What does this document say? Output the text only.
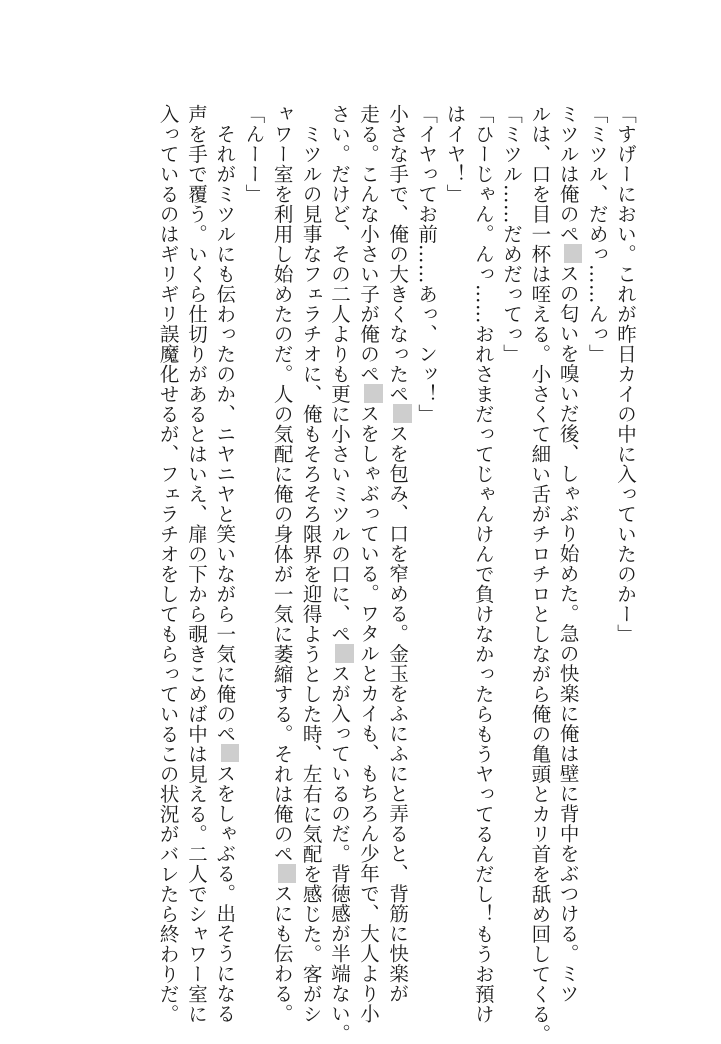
「すげーにおい。これが昨日カイの中に入っていたのかー」
「ミツル、だめっ……んっ」
ミツルは俺のペスの匂いを嗅いだ後、しゃぶり始めた。急の快楽に俺は壁に背中をぶつける。ミツ
ルは、口を目一杯は咥える。小さくて細い舌がチロチロとしながら俺の亀頭とカリ首を舐め回してくる。
「ミツル……だめだってっ」
「ひーじゃん。んっ……おれさまだってじゃんけんで負けなかったらもうヤってるんだし！もうお預け
はイヤ！」
「イヤってお前……あっ、ンッ！」
小さな手で、俺の大きくなったペスを包み、口を窄める。金玉をふにふにと弄ると、背筋に快楽が
走る。こんな小さい子が俺のペスをしゃぶっている。ワタルとカイも、もちろん少年で、大人より小
さい。だけど、その二人よりも更に小さいミツルの口に、ペスが入っているのだ。背徳感が半端ない。
ミツルの見事なフェラチオに、俺もそろそろ限界を迎得ようとした時、左右に気配を感じた。客がシ
ャワー室を利用し始めたのだ。人の気配に俺の身体が一気に萎縮する。それは俺のペスにも伝わる。
「んーー」
それがミツルにも伝わったのか、ニヤニヤと笑いながら一気に俺のペスをしゃぶる。出そうになる
声を手で覆う。いくら仕切りがあるとはいえ、扉の下から覗きこめば中は見える。二人でシャワー室に
入っているのはギリギリ誤魔化せるが、フェラチオをしてもらっているこの状況がバレたら終わりだ。
